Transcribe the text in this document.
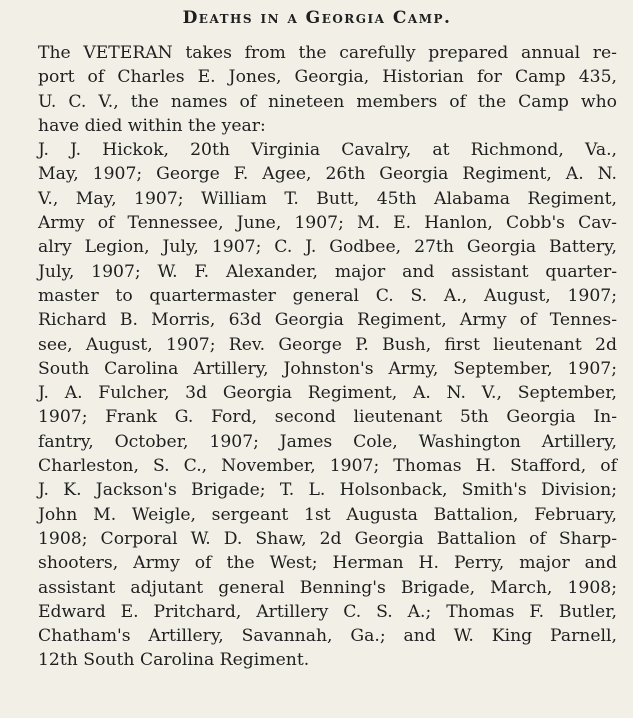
Deaths in a Georgia Camp.
The VETERAN takes from the carefully prepared annual re-
port of Charles E. Jones, Georgia, Historian for Camp 435,
U. C. V., the names of nineteen members of the Camp who
have died within the year:
J. J. Hickok, 20th Virginia Cavalry, at Richmond, Va.,
May, 1907; George F. Agee, 26th Georgia Regiment, A. N.
V., May, 1907; William T. Butt, 45th Alabama Regiment,
Army of Tennessee, June, 1907; M. E. Hanlon, Cobb's Cav-
alry Legion, July, 1907; C. J. Godbee, 27th Georgia Battery,
July, 1907; W. F. Alexander, major and assistant quarter-
master to quartermaster general C. S. A., August, 1907;
Richard B. Morris, 63d Georgia Regiment, Army of Tennes-
see, August, 1907; Rev. George P. Bush, first lieutenant 2d
South Carolina Artillery, Johnston's Army, September, 1907;
J. A. Fulcher, 3d Georgia Regiment, A. N. V., September,
1907; Frank G. Ford, second lieutenant 5th Georgia In-
fantry, October, 1907; James Cole, Washington Artillery,
Charleston, S. C., November, 1907; Thomas H. Stafford, of
J. K. Jackson's Brigade; T. L. Holsonback, Smith's Division;
John M. Weigle, sergeant 1st Augusta Battalion, February,
1908; Corporal W. D. Shaw, 2d Georgia Battalion of Sharp-
shooters, Army of the West; Herman H. Perry, major and
assistant adjutant general Benning's Brigade, March, 1908;
Edward E. Pritchard, Artillery C. S. A.; Thomas F. Butler,
Chatham's Artillery, Savannah, Ga.; and W. King Parnell,
12th South Carolina Regiment.
